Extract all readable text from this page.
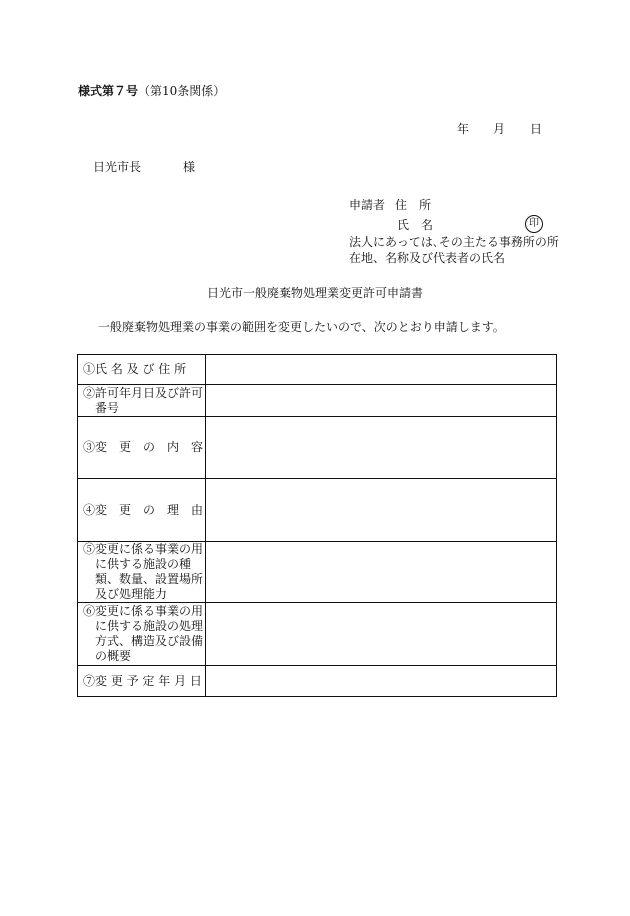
様式第７号（第10条関係）
年 月 日
日光市長	様
申請者 住　所
氏　名	印
法人にあっては､その主たる事務所の所在地、名称及び代表者の氏名
日光市一般廃棄物処理業変更許可申請書
一般廃棄物処理業の事業の範囲を変更したいので、次のとおり申請します。
①氏 名 及 び 住 所	

②許可年月日及び許可番号	

③変　更　の　内　容	

④変　更　の　理　由	

⑤変更に係る事業の用に供する施設の種類、数量、設置場所及び処理能力	

⑥変更に係る事業の用に供する施設の処理方式、構造及び設備の概要	

⑦変 更 予 定 年 月 日	
